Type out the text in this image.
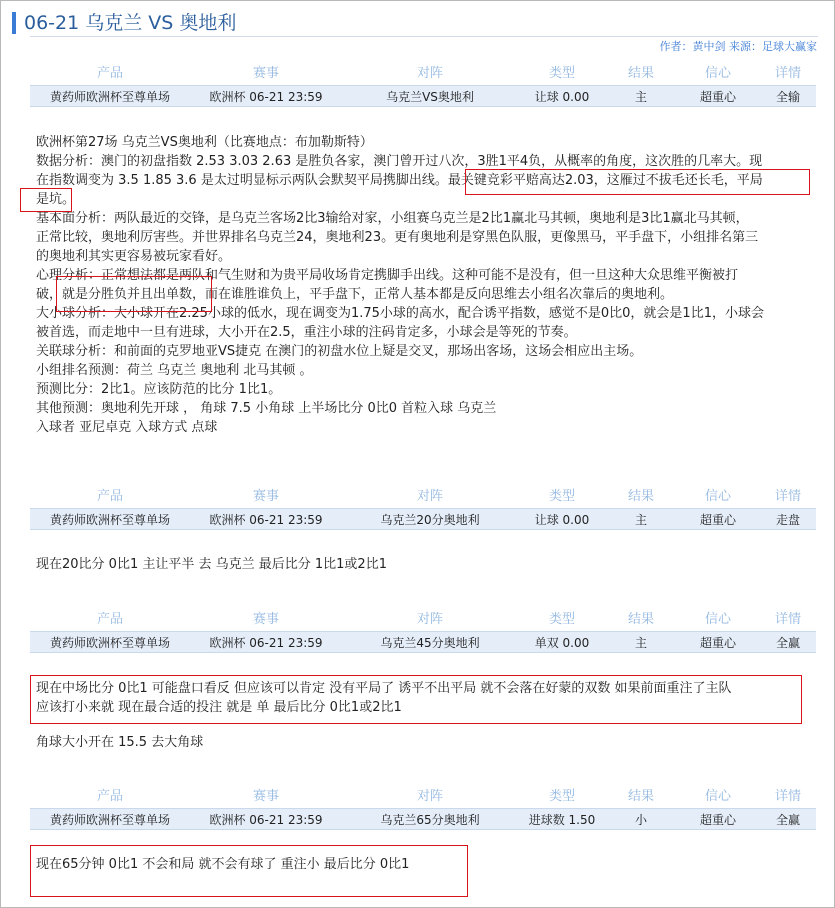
06-21 乌克兰 VS 奥地利
作者：黄中剑 来源：足球大赢家
产品	赛事	对阵	类型	结果	信心	详情
黄药师欧洲杯至尊单场	欧洲杯 06-21 23:59	乌克兰VS奥地利	让球 0.00	主	超重心	全输
欧洲杯第27场 乌克兰VS奥地利（比赛地点：布加勒斯特）
数据分析：澳门的初盘指数 2.53 3.03 2.63 是胜负各家，澳门曾开过八次，3胜1平4负，从概率的角度，这次胜的几率大。现
在指数调变为 3.5 1.85 3.6 是太过明显标示两队会默契平局携脚出线。最关键竞彩平赔高达2.03，这雁过不拔毛还长毛，平局
是坑。
基本面分析：两队最近的交锋，是乌克兰客场2比3输给对家，小组赛乌克兰是2比1赢北马其顿，奥地利是3比1赢北马其顿，
正常比较，奥地利厉害些。并世界排名乌克兰24，奥地利23。更有奥地利是穿黑色队服，更像黑马，平手盘下，小组排名第三
的奥地利其实更容易被玩家看好。
心理分析：正常想法都是两队和气生财和为贵平局收场肯定携脚手出线。这种可能不是没有，但一旦这种大众思维平衡被打
破，就是分胜负并且出单数，而在谁胜谁负上，平手盘下，正常人基本都是反向思维去小组名次靠后的奥地利。
大小球分析：大小球开在2.25小球的低水，现在调变为1.75小球的高水，配合诱平指数，感觉不是0比0，就会是1比1，小球会
被首选，而走地中一旦有进球，大小开在2.5，重注小球的注码肯定多，小球会是等死的节奏。
关联球分析：和前面的克罗地亚VS捷克 在澳门的初盘水位上疑是交叉，那场出客场，这场会相应出主场。
小组排名预测：荷兰 乌克兰 奥地利 北马其顿 。
预测比分：2比1。应该防范的比分 1比1。
其他预测：奥地利先开球 ， 角球 7.5 小角球 上半场比分 0比0 首粒入球 乌克兰
入球者 亚尼卓克 入球方式 点球
产品	赛事	对阵	类型	结果	信心	详情
黄药师欧洲杯至尊单场	欧洲杯 06-21 23:59	乌克兰20分奥地利	让球 0.00	主	超重心	走盘
现在20比分 0比1 主让平半 去 乌克兰 最后比分 1比1或2比1
产品	赛事	对阵	类型	结果	信心	详情
黄药师欧洲杯至尊单场	欧洲杯 06-21 23:59	乌克兰45分奥地利	单双 0.00	主	超重心	全赢
现在中场比分 0比1 可能盘口看反 但应该可以肯定 没有平局了 诱平不出平局 就不会落在好蒙的双数 如果前面重注了主队
应该打小来就 现在最合适的投注 就是 单 最后比分 0比1或2比1
角球大小开在 15.5 去大角球
产品	赛事	对阵	类型	结果	信心	详情
黄药师欧洲杯至尊单场	欧洲杯 06-21 23:59	乌克兰65分奥地利	进球数 1.50	小	超重心	全赢
现在65分钟 0比1 不会和局 就不会有球了 重注小 最后比分 0比1
